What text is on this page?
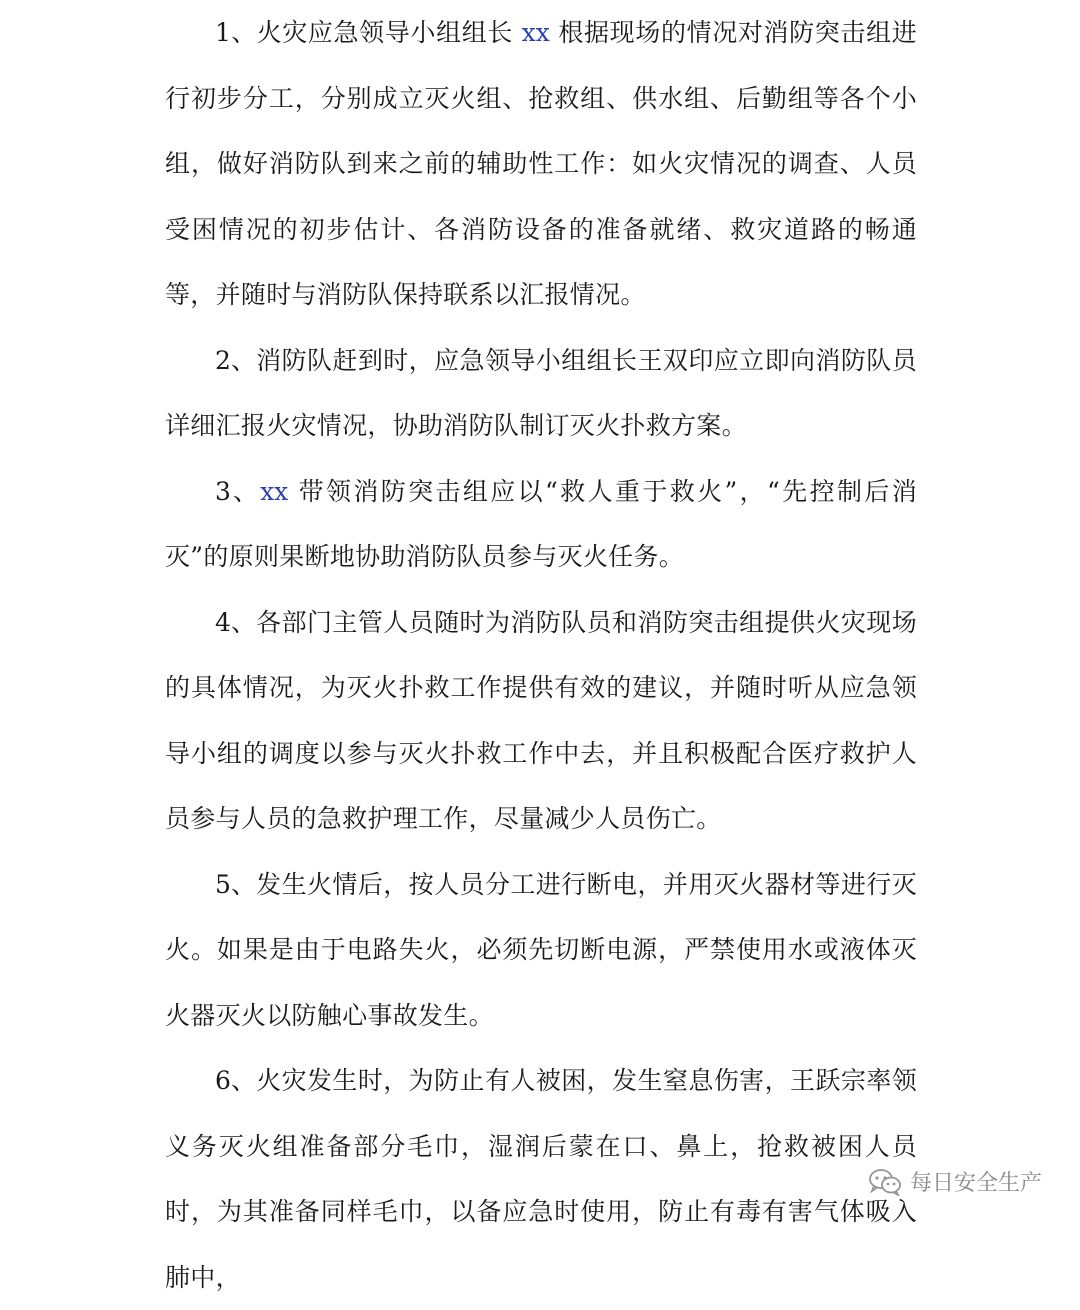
1、火灾应急领导小组组长 xx 根据现场的情况对消防突击组进行初步分工，分别成立灭火组、抢救组、供水组、后勤组等各个小组，做好消防队到来之前的辅助性工作：如火灾情况的调查、人员受困情况的初步估计、各消防设备的准备就绪、救灾道路的畅通等，并随时与消防队保持联系以汇报情况。

2、消防队赶到时，应急领导小组组长王双印应立即向消防队员详细汇报火灾情况，协助消防队制订灭火扑救方案。

3、xx 带领消防突击组应以“救人重于救火”，“先控制后消灭”的原则果断地协助消防队员参与灭火任务。

4、各部门主管人员随时为消防队员和消防突击组提供火灾现场的具体情况，为灭火扑救工作提供有效的建议，并随时听从应急领导小组的调度以参与灭火扑救工作中去，并且积极配合医疗救护人员参与人员的急救护理工作，尽量减少人员伤亡。

5、发生火情后，按人员分工进行断电，并用灭火器材等进行灭火。如果是由于电路失火，必须先切断电源，严禁使用水或液体灭火器灭火以防触心事故发生。

6、火灾发生时，为防止有人被困，发生窒息伤害，王跃宗率领义务灭火组准备部分毛巾，湿润后蒙在口、鼻上，抢救被困人员时，为其准备同样毛巾，以备应急时使用，防止有毒有害气体吸入肺中，

每日安全生产
